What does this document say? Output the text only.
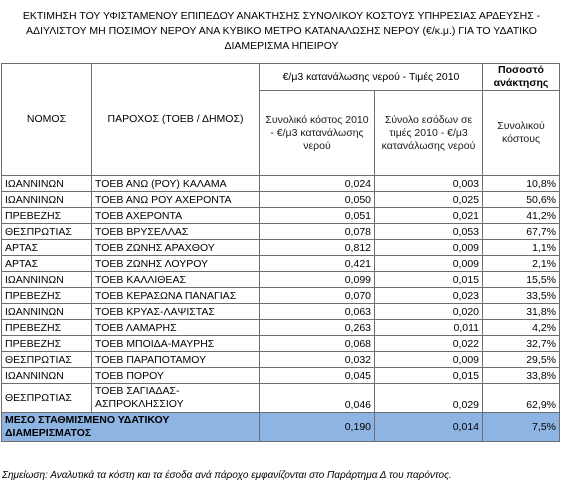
ΕΚΤΙΜΗΣΗ ΤΟΥ ΥΦΙΣΤΑΜΕΝΟΥ ΕΠΙΠΕΔΟΥ ΑΝΑΚΤΗΣΗΣ ΣΥΝΟΛΙΚΟΥ ΚΟΣΤΟΥΣ ΥΠΗΡΕΣΙΑΣ ΑΡΔΕΥΣΗΣ -
ΑΔΙΥΛΙΣΤΟΥ ΜΗ ΠΟΣΙΜΟΥ ΝΕΡΟΥ ΑΝΑ ΚΥΒΙΚΟ ΜΕΤΡΟ ΚΑΤΑΝΑΛΩΣΗΣ ΝΕΡΟΥ (€/κ.μ.) ΓΙΑ ΤΟ ΥΔΑΤΙΚΟ
ΔΙΑΜΕΡΙΣΜΑ ΗΠΕΙΡΟΥ
ΝΟΜΟΣ	ΠΑΡΟΧΟΣ (ΤΟΕΒ / ΔΗΜΟΣ)	€/μ3 κατανάλωσης νερού - Τιμές 2010		Ποσοστό ανάκτησης
		Συνολικό κόστος 2010 - €/μ3 κατανάλωσης νερού	Σύνολο εσόδων σε τιμές 2010 - €/μ3 κατανάλωσης νερού	Συνολικού κόστους
ΙΩΑΝΝΙΝΩΝ	ΤΟΕΒ ΑΝΩ (ΡΟΥ) ΚΑΛΑΜΑ	0,024	0,003	10,8%
ΙΩΑΝΝΙΝΩΝ	ΤΟΕΒ ΑΝΩ ΡΟΥ ΑΧΕΡΟΝΤΑ	0,050	0,025	50,6%
ΠΡΕΒΕΖΗΣ	ΤΟΕΒ ΑΧΕΡΟΝΤΑ	0,051	0,021	41,2%
ΘΕΣΠΡΩΤΙΑΣ	ΤΟΕΒ ΒΡΥΣΕΛΛΑΣ	0,078	0,053	67,7%
ΑΡΤΑΣ	ΤΟΕΒ ΖΩΝΗΣ ΑΡΑΧΘΟΥ	0,812	0,009	1,1%
ΑΡΤΑΣ	ΤΟΕΒ ΖΩΝΗΣ ΛΟΥΡΟΥ	0,421	0,009	2,1%
ΙΩΑΝΝΙΝΩΝ	ΤΟΕΒ ΚΑΛΛΙΘΕΑΣ	0,099	0,015	15,5%
ΠΡΕΒΕΖΗΣ	ΤΟΕΒ ΚΕΡΑΣΩΝΑ ΠΑΝΑΓΙΑΣ	0,070	0,023	33,5%
ΙΩΑΝΝΙΝΩΝ	ΤΟΕΒ ΚΡΥΑΣ-ΛΑΨΙΣΤΑΣ	0,063	0,020	31,8%
ΠΡΕΒΕΖΗΣ	ΤΟΕΒ ΛΑΜΑΡΗΣ	0,263	0,011	4,2%
ΠΡΕΒΕΖΗΣ	ΤΟΕΒ ΜΠΟΙΔΑ-ΜΑΥΡΗΣ	0,068	0,022	32,7%
ΘΕΣΠΡΩΤΙΑΣ	ΤΟΕΒ ΠΑΡΑΠΟΤΑΜΟΥ	0,032	0,009	29,5%
ΙΩΑΝΝΙΝΩΝ	ΤΟΕΒ ΠΟΡΟΥ	0,045	0,015	33,8%
ΘΕΣΠΡΩΤΙΑΣ	ΤΟΕΒ ΣΑΓΙΑΔΑΣ-
ΑΣΠΡΟΚΛΗΣΣΙΟΥ	0,046	0,029	62,9%
ΜΕΣΟ ΣΤΑΘΜΙΣΜΕΝΟ ΥΔΑΤΙΚΟΥ ΔΙΑΜΕΡΙΣΜΑΤΟΣ		0,190	0,014	7,5%
Σημείωση: Αναλυτικά τα κόστη και τα έσοδα ανά πάροχο εμφανίζονται στο Παράρτημα Δ του παρόντος.
